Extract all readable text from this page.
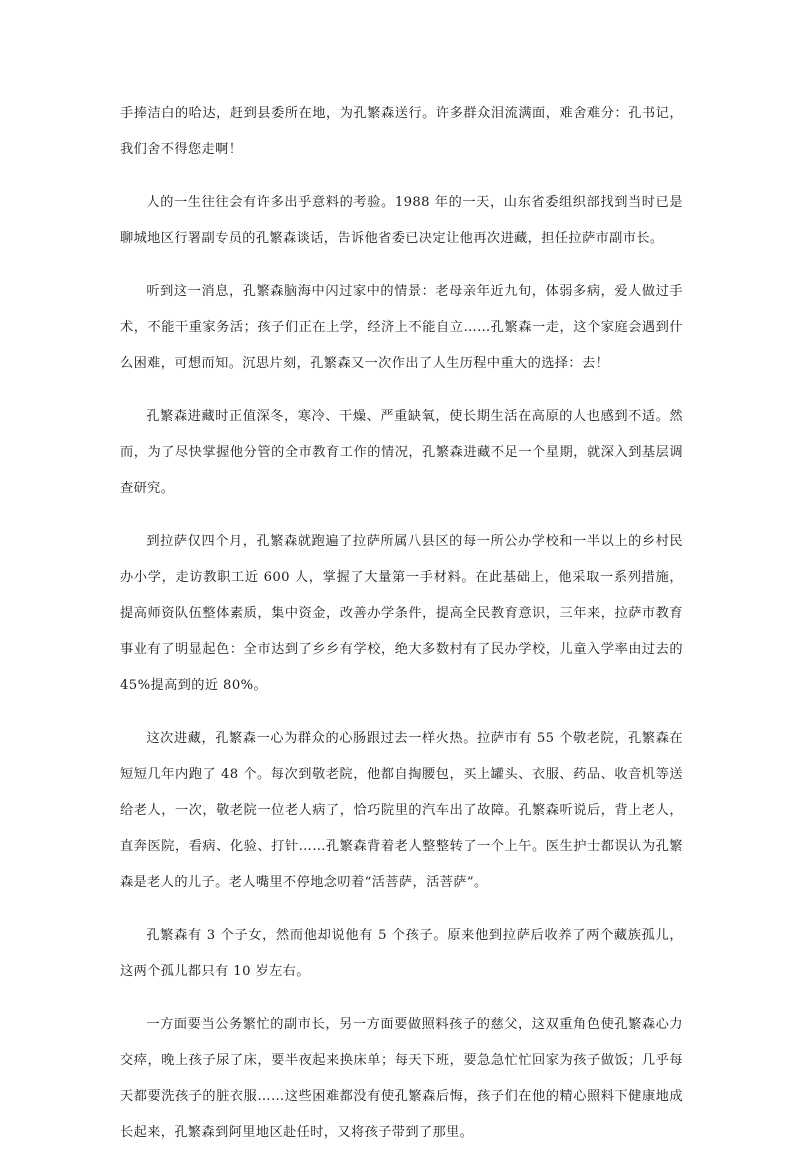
手捧洁白的哈达，赶到县委所在地，为孔繁森送行。许多群众泪流满面，难舍难分：孔书记，我们舍不得您走啊！

人的一生往往会有许多出乎意料的考验。1988 年的一天，山东省委组织部找到当时已是聊城地区行署副专员的孔繁森谈话，告诉他省委已决定让他再次进藏，担任拉萨市副市长。

听到这一消息，孔繁森脑海中闪过家中的情景：老母亲年近九旬，体弱多病，爱人做过手术，不能干重家务活；孩子们正在上学，经济上不能自立……孔繁森一走，这个家庭会遇到什么困难，可想而知。沉思片刻，孔繁森又一次作出了人生历程中重大的选择：去！

孔繁森进藏时正值深冬，寒冷、干燥、严重缺氧，使长期生活在高原的人也感到不适。然而，为了尽快掌握他分管的全市教育工作的情况，孔繁森进藏不足一个星期，就深入到基层调查研究。

到拉萨仅四个月，孔繁森就跑遍了拉萨所属八县区的每一所公办学校和一半以上的乡村民办小学，走访教职工近 600 人，掌握了大量第一手材料。在此基础上，他采取一系列措施，提高师资队伍整体素质，集中资金，改善办学条件，提高全民教育意识，三年来，拉萨市教育事业有了明显起色：全市达到了乡乡有学校，绝大多数村有了民办学校，儿童入学率由过去的 45%提高到的近 80%。

这次进藏，孔繁森一心为群众的心肠跟过去一样火热。拉萨市有 55 个敬老院，孔繁森在短短几年内跑了 48 个。每次到敬老院，他都自掏腰包，买上罐头、衣服、药品、收音机等送给老人，一次，敬老院一位老人病了，恰巧院里的汽车出了故障。孔繁森听说后，背上老人，直奔医院，看病、化验、打针……孔繁森背着老人整整转了一个上午。医生护士都误认为孔繁森是老人的儿子。老人嘴里不停地念叨着“活菩萨，活菩萨”。

孔繁森有 3 个子女，然而他却说他有 5 个孩子。原来他到拉萨后收养了两个藏族孤儿，这两个孤儿都只有 10 岁左右。

一方面要当公务繁忙的副市长，另一方面要做照料孩子的慈父，这双重角色使孔繁森心力交瘁，晚上孩子尿了床，要半夜起来换床单；每天下班，要急急忙忙回家为孩子做饭；几乎每天都要洗孩子的脏衣服……这些困难都没有使孔繁森后悔，孩子们在他的精心照料下健康地成长起来，孔繁森到阿里地区赴任时，又将孩子带到了那里。
